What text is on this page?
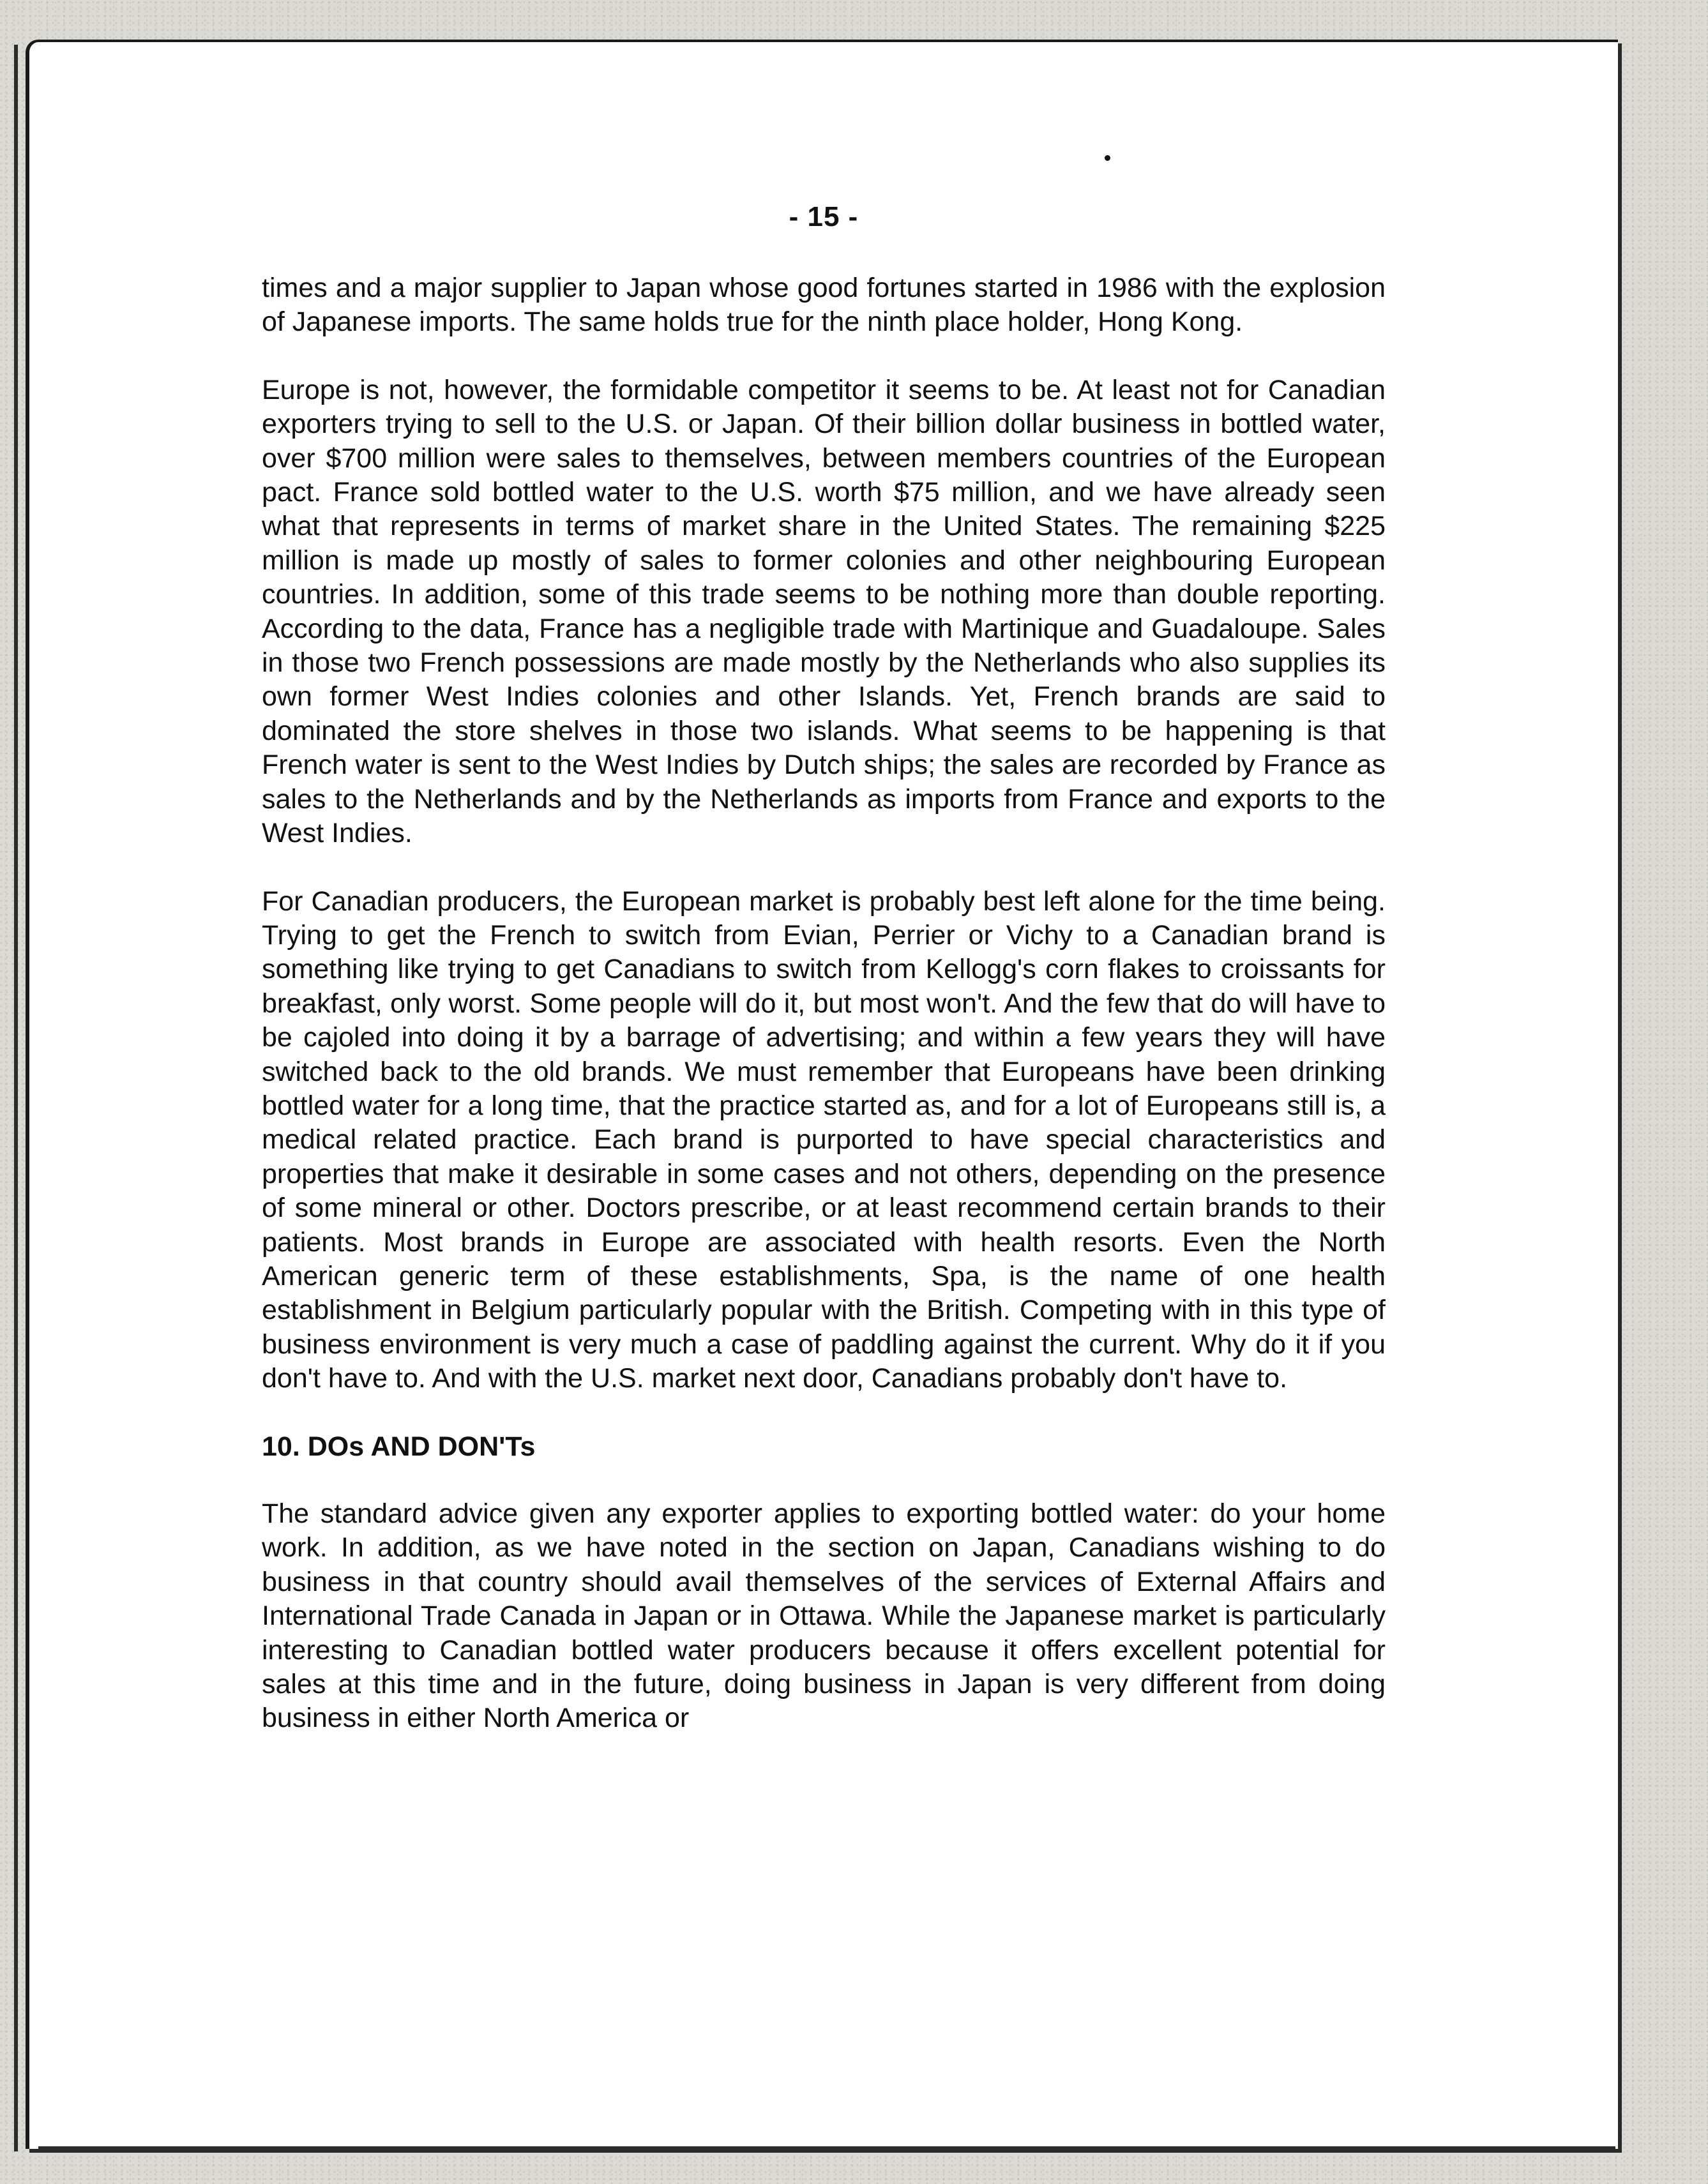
- 15 -

times and a major supplier to Japan whose good fortunes started in 1986 with the explosion of Japanese imports. The same holds true for the ninth place holder, Hong Kong.

Europe is not, however, the formidable competitor it seems to be. At least not for Canadian exporters trying to sell to the U.S. or Japan. Of their billion dollar business in bottled water, over $700 million were sales to themselves, between members countries of the European pact. France sold bottled water to the U.S. worth $75 million, and we have already seen what that represents in terms of market share in the United States. The remaining $225 million is made up mostly of sales to former colonies and other neighbouring European countries. In addition, some of this trade seems to be nothing more than double reporting. According to the data, France has a negligible trade with Martinique and Guadaloupe. Sales in those two French possessions are made mostly by the Netherlands who also supplies its own former West Indies colonies and other Islands. Yet, French brands are said to dominated the store shelves in those two islands. What seems to be happening is that French water is sent to the West Indies by Dutch ships; the sales are recorded by France as sales to the Netherlands and by the Netherlands as imports from France and exports to the West Indies.

For Canadian producers, the European market is probably best left alone for the time being. Trying to get the French to switch from Evian, Perrier or Vichy to a Canadian brand is something like trying to get Canadians to switch from Kellogg's corn flakes to croissants for breakfast, only worst. Some people will do it, but most won't. And the few that do will have to be cajoled into doing it by a barrage of advertising; and within a few years they will have switched back to the old brands. We must remember that Europeans have been drinking bottled water for a long time, that the practice started as, and for a lot of Europeans still is, a medical related practice. Each brand is purported to have special characteristics and properties that make it desirable in some cases and not others, depending on the presence of some mineral or other. Doctors prescribe, or at least recommend certain brands to their patients. Most brands in Europe are associated with health resorts. Even the North American generic term of these establishments, Spa, is the name of one health establishment in Belgium particularly popular with the British. Competing with in this type of business environment is very much a case of paddling against the current. Why do it if you don't have to. And with the U.S. market next door, Canadians probably don't have to.

10. DOs AND DON'Ts

The standard advice given any exporter applies to exporting bottled water: do your home work. In addition, as we have noted in the section on Japan, Canadians wishing to do business in that country should avail themselves of the services of External Affairs and International Trade Canada in Japan or in Ottawa. While the Japanese market is particularly interesting to Canadian bottled water producers because it offers excellent potential for sales at this time and in the future, doing business in Japan is very different from doing business in either North America or
